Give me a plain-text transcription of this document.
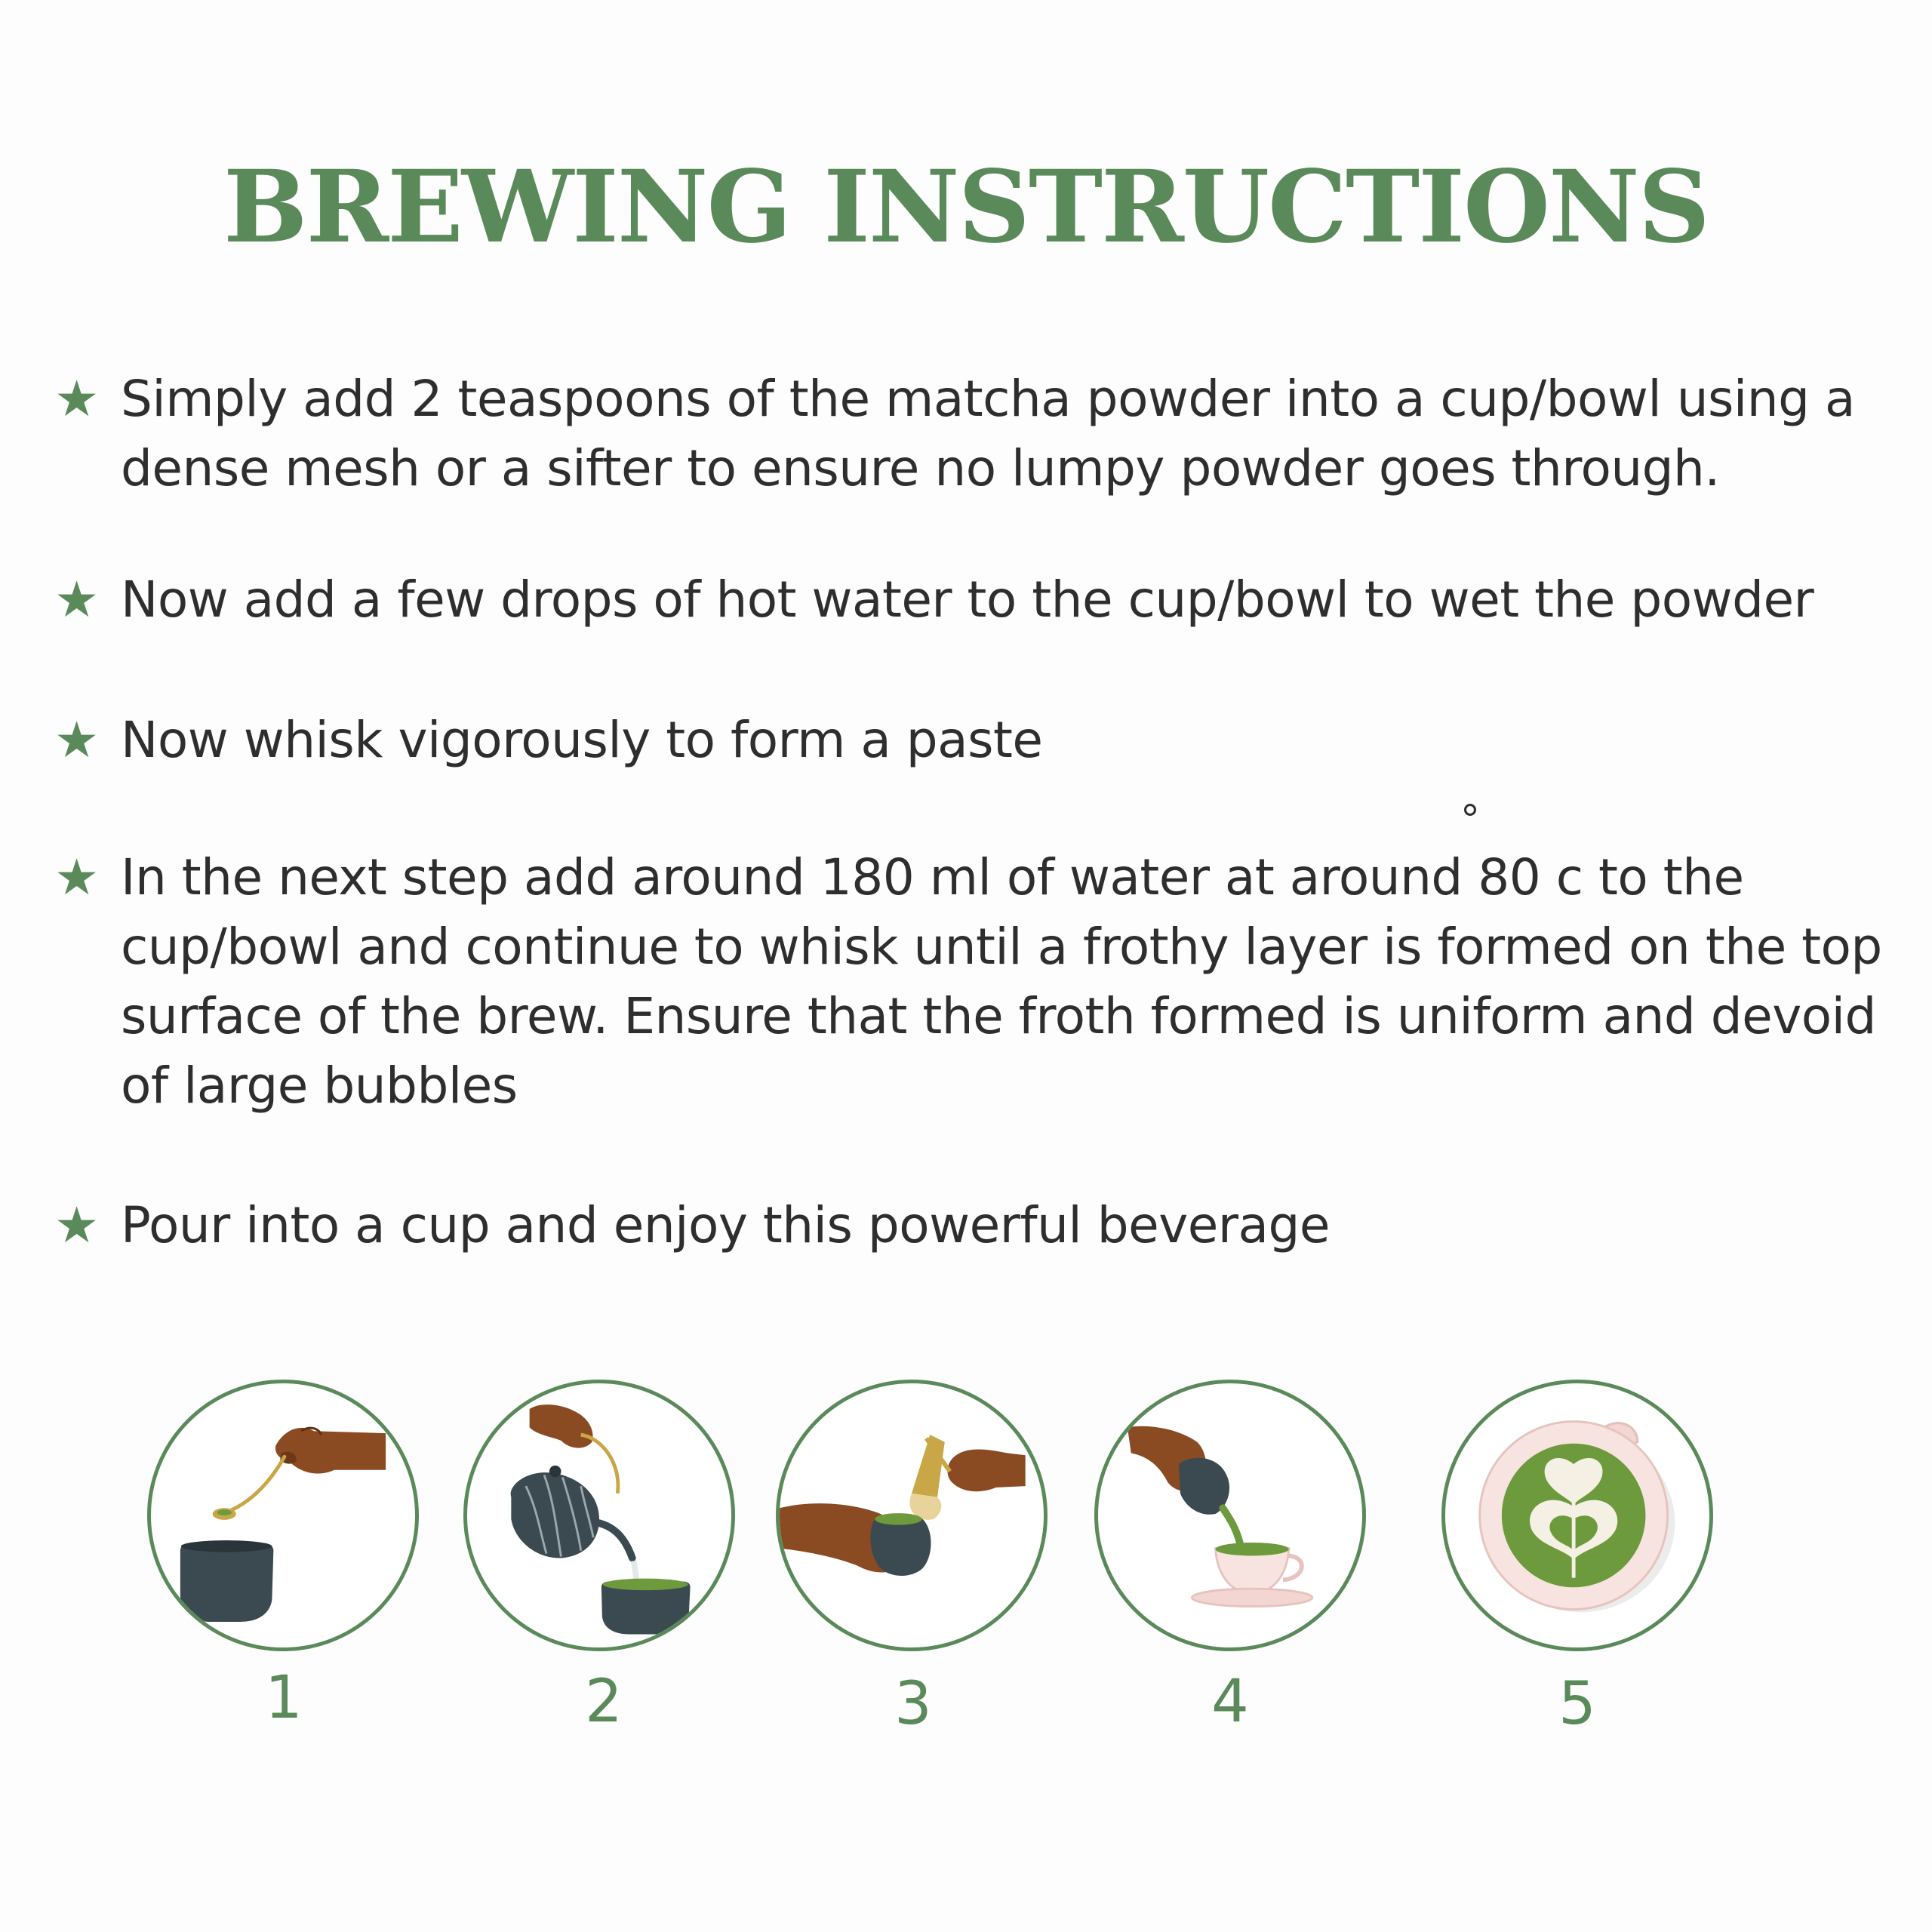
BREWING INSTRUCTIONS
★ Simply add 2 teaspoons of the matcha powder into a cup/bowl using a dense mesh or a sifter to ensure no lumpy powder goes through.
★ Now add a few drops of hot water to the cup/bowl to wet the powder
★ Now whisk vigorously to form a paste
★ In the next step add around 180 ml of water at around 80 c to the cup/bowl and continue to whisk until a frothy layer is formed on the top surface of the brew. Ensure that the froth formed is uniform and devoid of large bubbles
★ Pour into a cup and enjoy this powerful beverage
1	2	3	4	5
